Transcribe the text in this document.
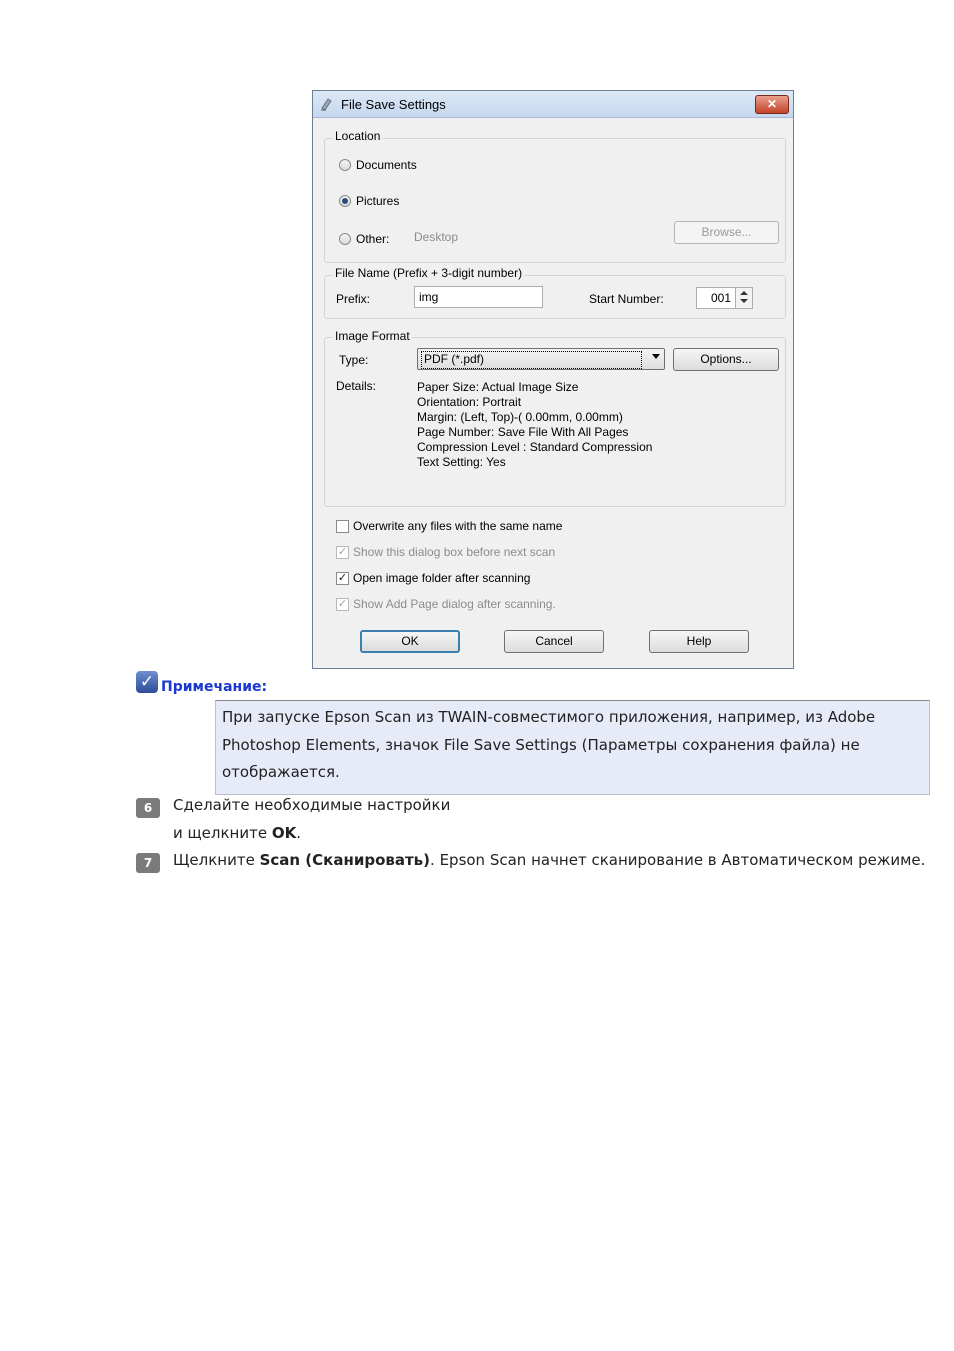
File Save Settings	✕
Location
Documents
Pictures
Other: Desktop	Browse...
File Name (Prefix + 3-digit number)
Prefix:	img	Start Number:	001
Image Format
Type:	PDF (*.pdf)	Options...
Details:	Paper Size: Actual Image Size
Orientation: Portrait
Margin: (Left, Top)-( 0.00mm, 0.00mm)
Page Number: Save File With All Pages
Compression Level : Standard Compression
Text Setting: Yes
Overwrite any files with the same name
✓ Show this dialog box before next scan
✓ Open image folder after scanning
✓ Show Add Page dialog after scanning.
OK	Cancel	Help
✓ Примечание:
При запуске Epson Scan из TWAIN-совместимого приложения, например, из Adobe Photoshop Elements, значок File Save Settings (Параметры сохранения файла) не отображается.
6	Сделайте необходимые настройки
и щелкните OK.
7	Щелкните Scan (Сканировать). Epson Scan начнет сканирование в Автоматическом режиме.
